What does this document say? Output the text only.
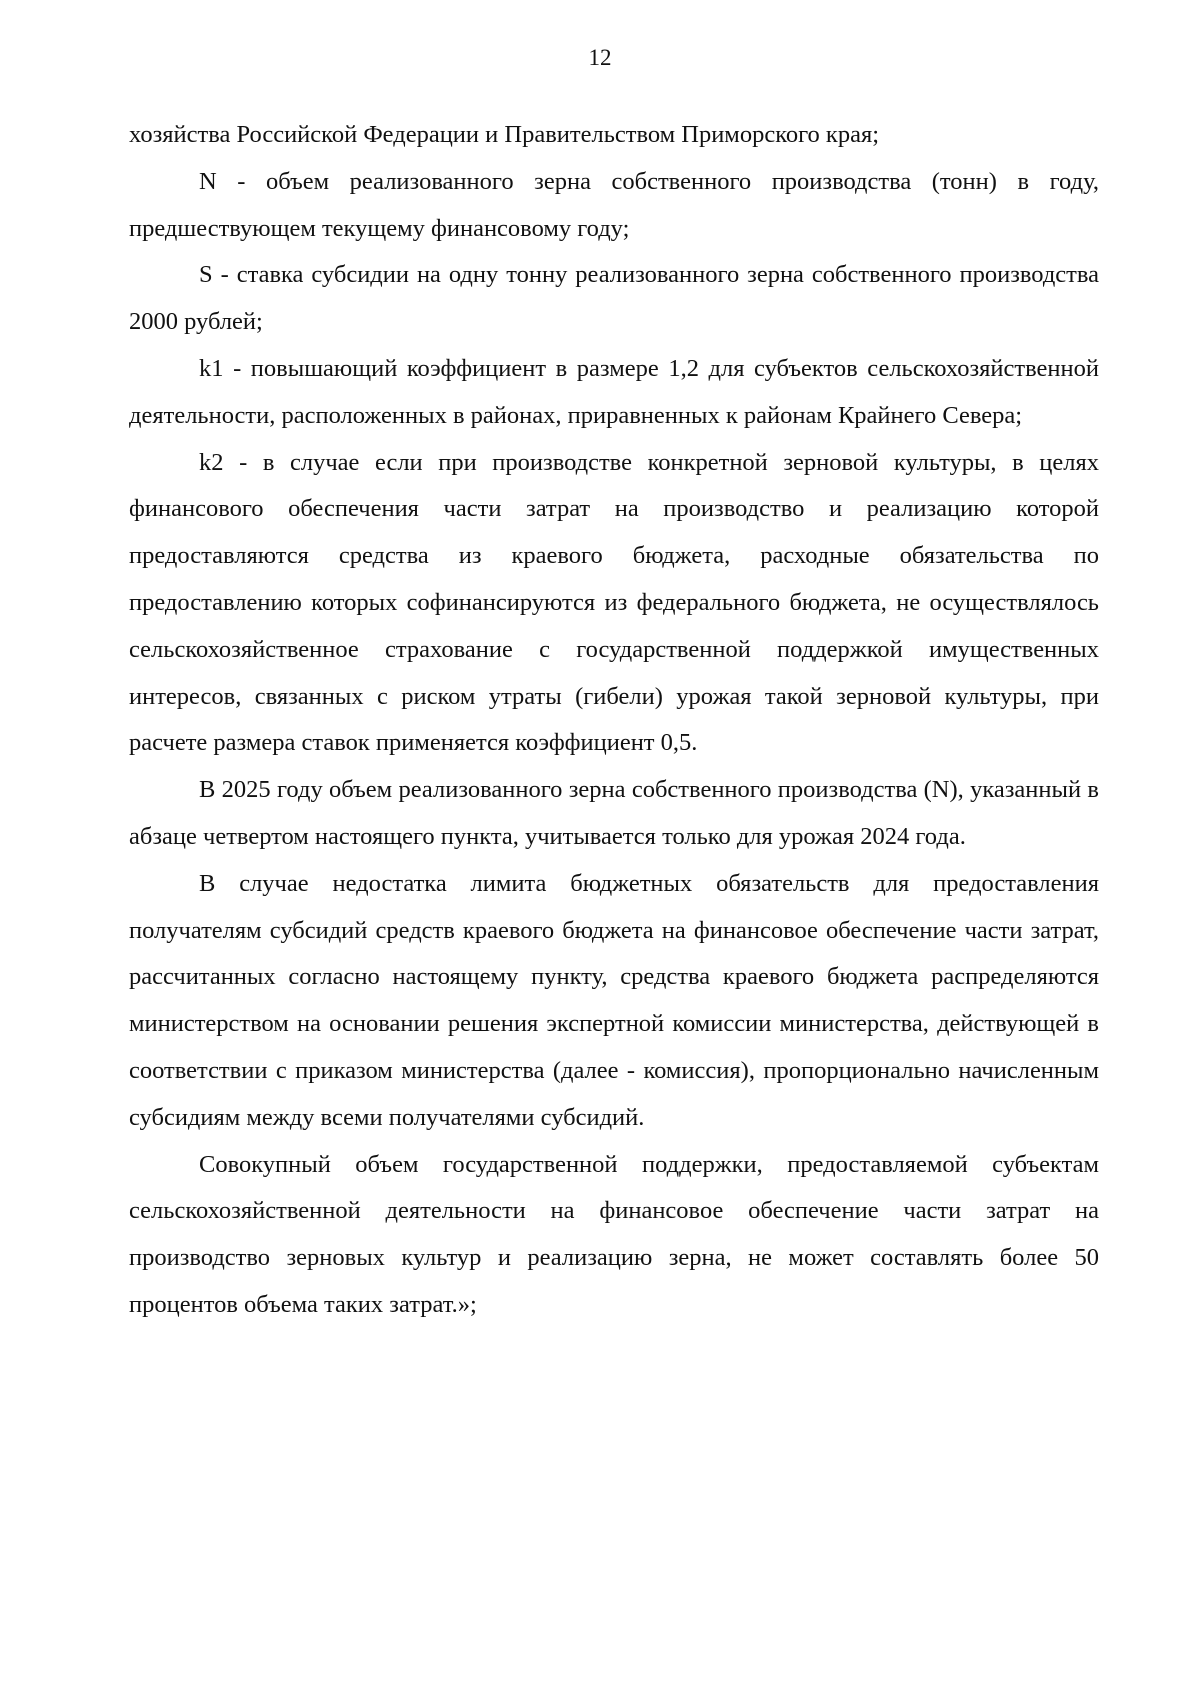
12

хозяйства Российской Федерации и Правительством Приморского края;

N - объем реализованного зерна собственного производства (тонн) в году, предшествующем текущему финансовому году;

S - ставка субсидии на одну тонну реализованного зерна собственного производства 2000 рублей;

k1 - повышающий коэффициент в размере 1,2 для субъектов сельскохозяйственной деятельности, расположенных в районах, приравненных к районам Крайнего Севера;

k2 - в случае если при производстве конкретной зерновой культуры, в целях финансового обеспечения части затрат на производство и реализацию которой предоставляются средства из краевого бюджета, расходные обязательства по предоставлению которых софинансируются из федерального бюджета, не осуществлялось сельскохозяйственное страхование с государственной поддержкой имущественных интересов, связанных с риском утраты (гибели) урожая такой зерновой культуры, при расчете размера ставок применяется коэффициент 0,5.

В 2025 году объем реализованного зерна собственного производства (N), указанный в абзаце четвертом настоящего пункта, учитывается только для урожая 2024 года.

В случае недостатка лимита бюджетных обязательств для предоставления получателям субсидий средств краевого бюджета на финансовое обеспечение части затрат, рассчитанных согласно настоящему пункту, средства краевого бюджета распределяются министерством на основании решения экспертной комиссии министерства, действующей в соответствии с приказом министерства (далее - комиссия), пропорционально начисленным субсидиям между всеми получателями субсидий.

Совокупный объем государственной поддержки, предоставляемой субъектам сельскохозяйственной деятельности на финансовое обеспечение части затрат на производство зерновых культур и реализацию зерна, не может составлять более 50 процентов объема таких затрат.»;
